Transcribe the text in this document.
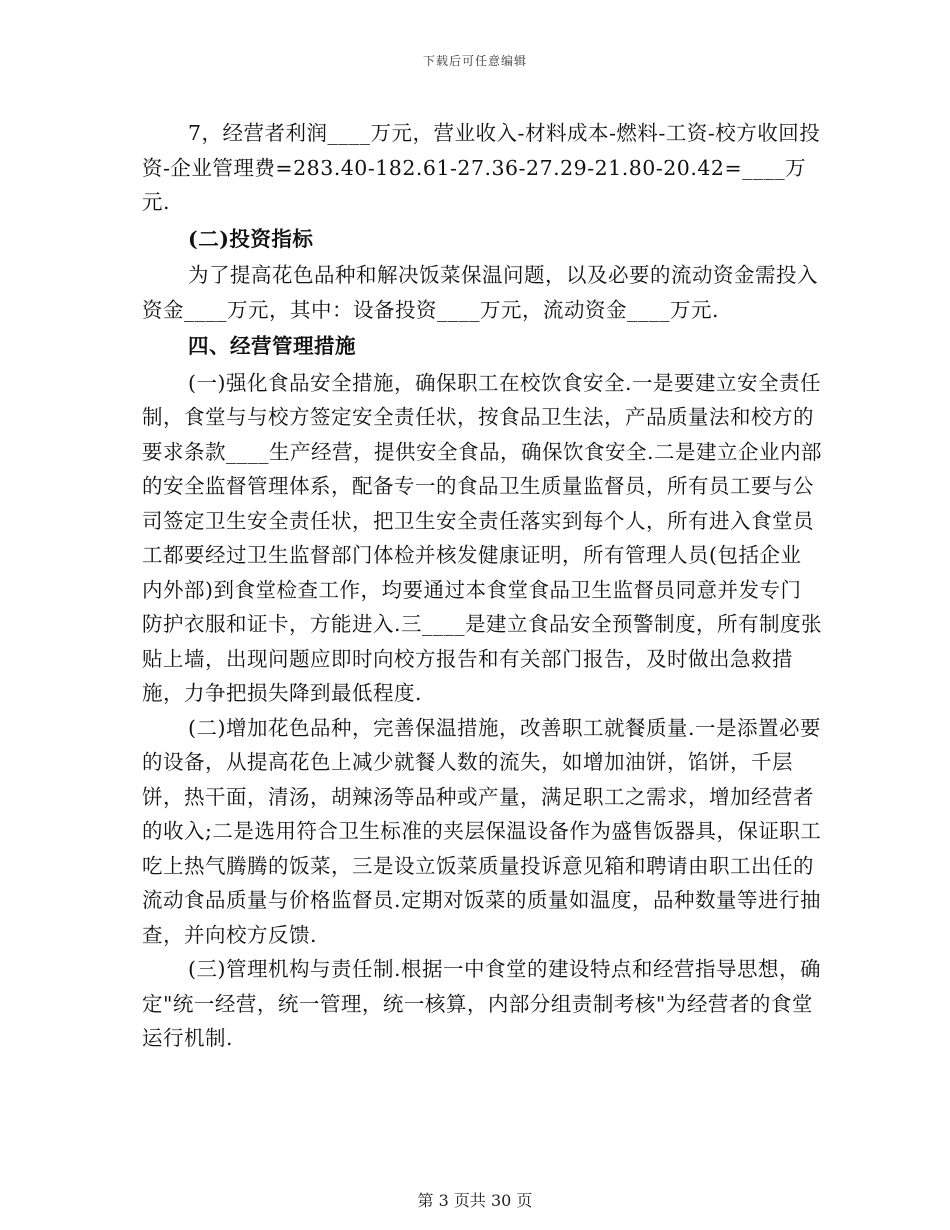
下载后可任意编辑

7，经营者利润____万元，营业收入-材料成本-燃料-工资-校方收回投资-企业管理费=283.40-182.61-27.36-27.29-21.80-20.42=____万元.

(二)投资指标

为了提高花色品种和解决饭菜保温问题，以及必要的流动资金需投入资金____万元，其中：设备投资____万元，流动资金____万元.

四、经营管理措施

(一)强化食品安全措施，确保职工在校饮食安全.一是要建立安全责任制，食堂与与校方签定安全责任状，按食品卫生法，产品质量法和校方的要求条款____生产经营，提供安全食品，确保饮食安全.二是建立企业内部的安全监督管理体系，配备专一的食品卫生质量监督员，所有员工要与公司签定卫生安全责任状，把卫生安全责任落实到每个人，所有进入食堂员工都要经过卫生监督部门体检并核发健康证明，所有管理人员(包括企业内外部)到食堂检查工作，均要通过本食堂食品卫生监督员同意并发专门防护衣服和证卡，方能进入.三____是建立食品安全预警制度，所有制度张贴上墙，出现问题应即时向校方报告和有关部门报告，及时做出急救措施，力争把损失降到最低程度.

(二)增加花色品种，完善保温措施，改善职工就餐质量.一是添置必要的设备，从提高花色上减少就餐人数的流失，如增加油饼，馅饼，千层饼，热干面，清汤，胡辣汤等品种或产量，满足职工之需求，增加经营者的收入;二是选用符合卫生标准的夹层保温设备作为盛售饭器具，保证职工吃上热气腾腾的饭菜，三是设立饭菜质量投诉意见箱和聘请由职工出任的流动食品质量与价格监督员.定期对饭菜的质量如温度，品种数量等进行抽查，并向校方反馈.

(三)管理机构与责任制.根据一中食堂的建设特点和经营指导思想，确定"统一经营，统一管理，统一核算，内部分组责制考核"为经营者的食堂运行机制.

第 3 页共 30 页
